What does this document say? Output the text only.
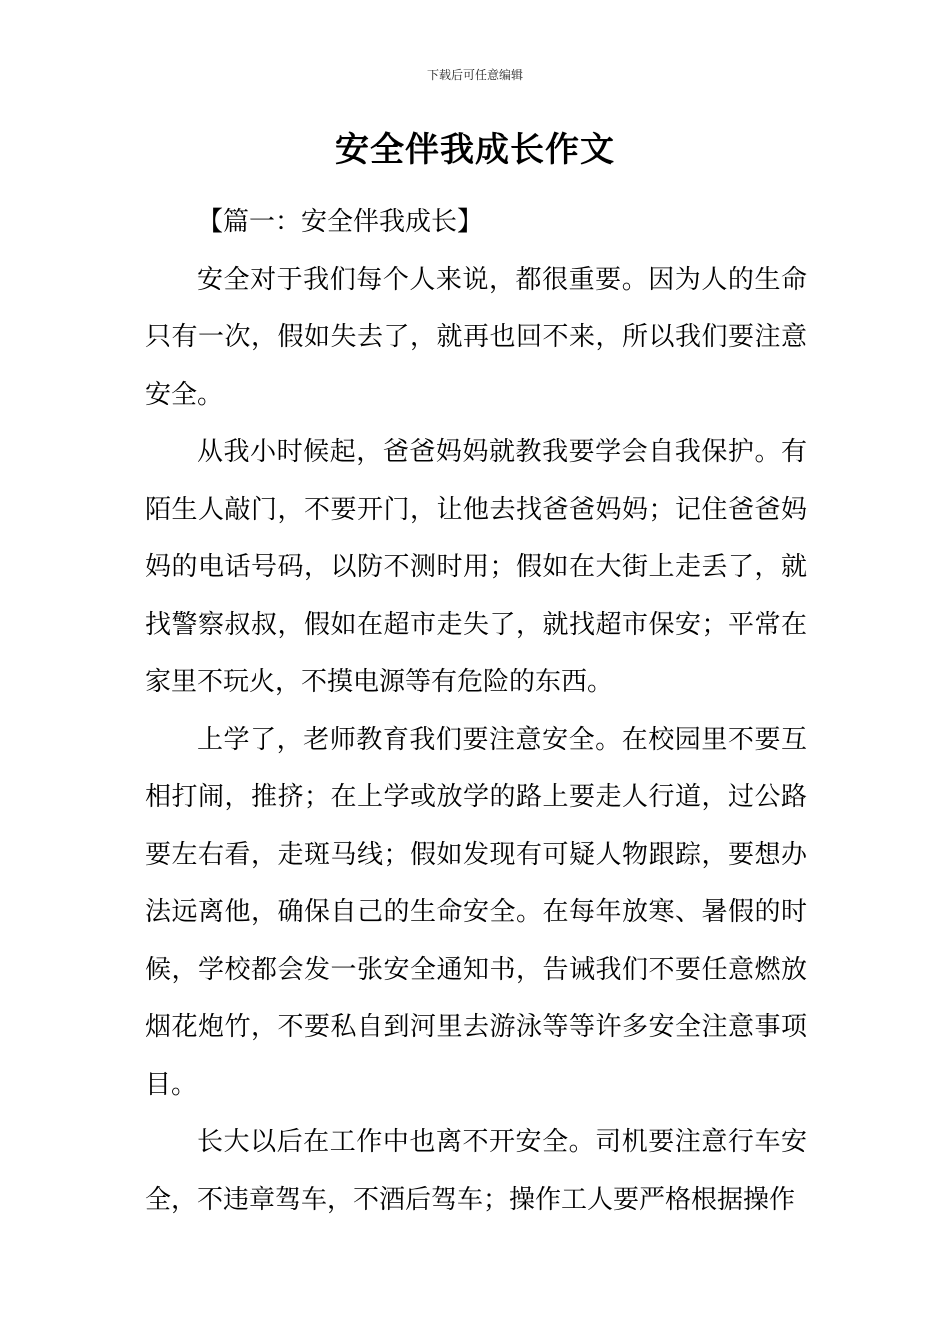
下载后可任意编辑
安全伴我成长作文

【篇一：安全伴我成长】

安全对于我们每个人来说，都很重要。因为人的生命只有一次，假如失去了，就再也回不来，所以我们要注意安全。

从我小时候起，爸爸妈妈就教我要学会自我保护。有陌生人敲门，不要开门，让他去找爸爸妈妈；记住爸爸妈妈的电话号码，以防不测时用；假如在大街上走丢了，就找警察叔叔，假如在超市走失了，就找超市保安；平常在家里不玩火，不摸电源等有危险的东西。

上学了，老师教育我们要注意安全。在校园里不要互相打闹，推挤；在上学或放学的路上要走人行道，过公路要左右看，走斑马线；假如发现有可疑人物跟踪，要想办法远离他，确保自己的生命安全。在每年放寒、暑假的时候，学校都会发一张安全通知书，告诫我们不要任意燃放烟花炮竹，不要私自到河里去游泳等等许多安全注意事项目。

长大以后在工作中也离不开安全。司机要注意行车安全，不违章驾车，不酒后驾车；操作工人要严格根据操作
